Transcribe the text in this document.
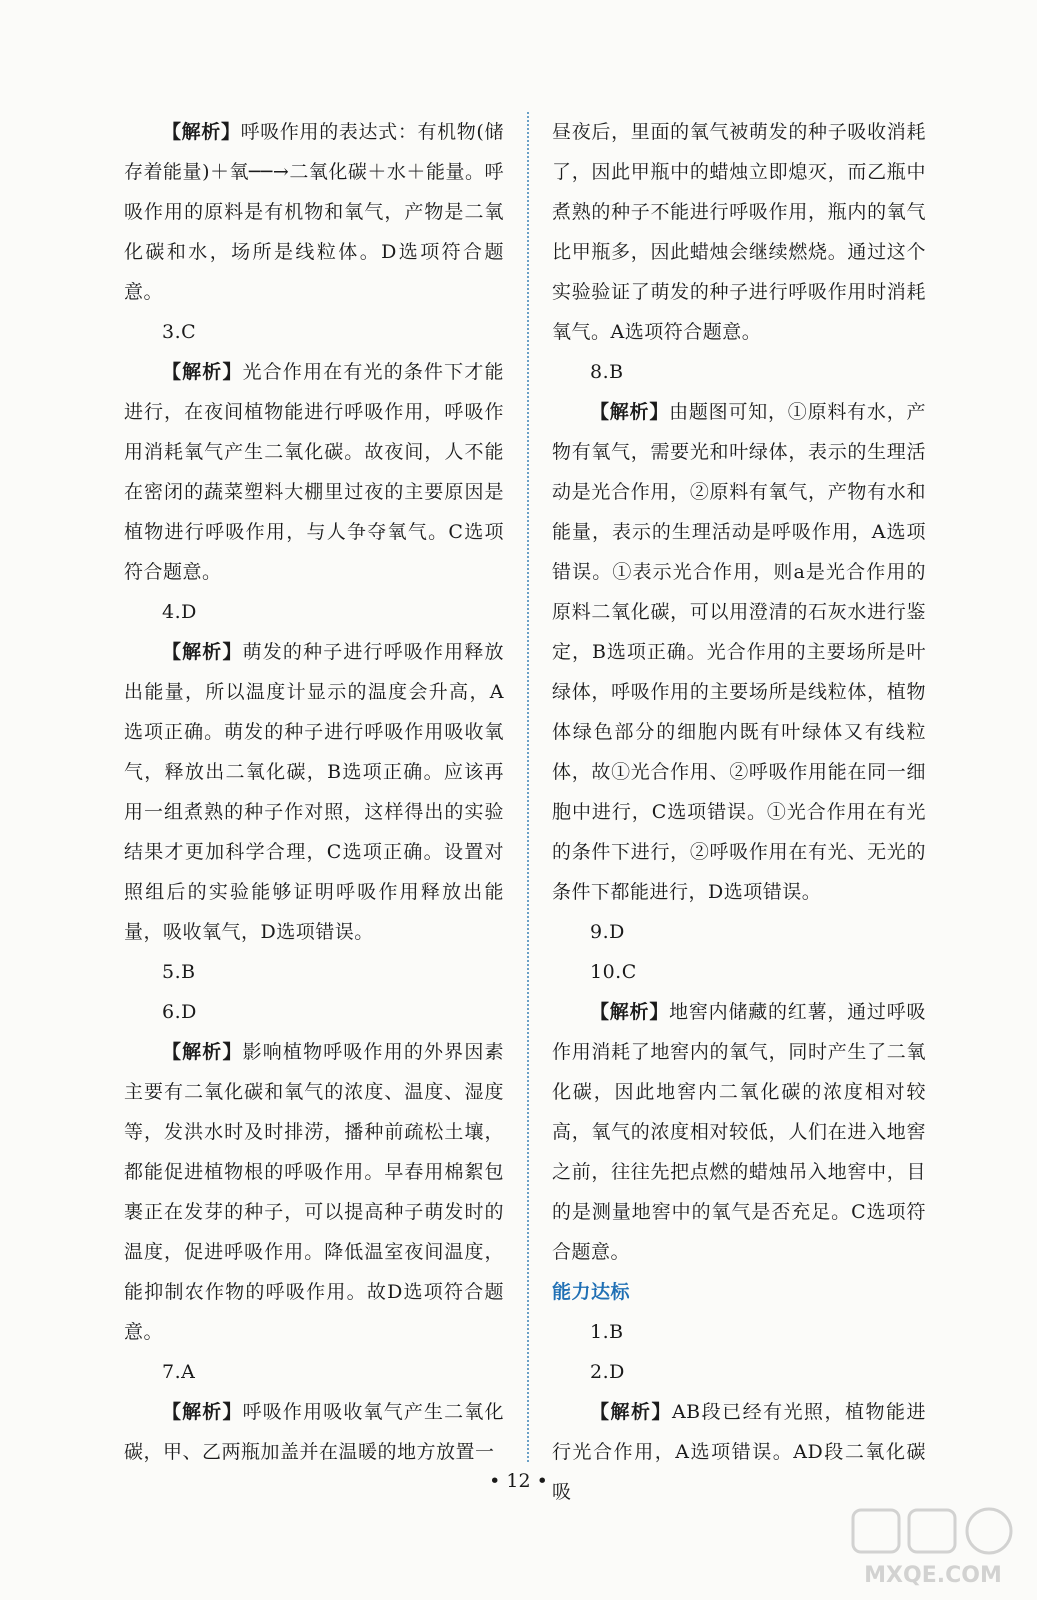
【解析】呼吸作用的表达式：有机物(储存着能量)＋氧──→二氧化碳＋水＋能量。呼吸作用的原料是有机物和氧气，产物是二氧化碳和水，场所是线粒体。D选项符合题意。
3.C
【解析】光合作用在有光的条件下才能进行，在夜间植物能进行呼吸作用，呼吸作用消耗氧气产生二氧化碳。故夜间，人不能在密闭的蔬菜塑料大棚里过夜的主要原因是植物进行呼吸作用，与人争夺氧气。C选项符合题意。
4.D
【解析】萌发的种子进行呼吸作用释放出能量，所以温度计显示的温度会升高，A选项正确。萌发的种子进行呼吸作用吸收氧气，释放出二氧化碳，B选项正确。应该再用一组煮熟的种子作对照，这样得出的实验结果才更加科学合理，C选项正确。设置对照组后的实验能够证明呼吸作用释放出能量，吸收氧气，D选项错误。
5.B
6.D
【解析】影响植物呼吸作用的外界因素主要有二氧化碳和氧气的浓度、温度、湿度等，发洪水时及时排涝，播种前疏松土壤，都能促进植物根的呼吸作用。早春用棉絮包裹正在发芽的种子，可以提高种子萌发时的温度，促进呼吸作用。降低温室夜间温度，能抑制农作物的呼吸作用。故D选项符合题意。
7.A
【解析】呼吸作用吸收氧气产生二氧化碳，甲、乙两瓶加盖并在温暖的地方放置一
昼夜后，里面的氧气被萌发的种子吸收消耗了，因此甲瓶中的蜡烛立即熄灭，而乙瓶中煮熟的种子不能进行呼吸作用，瓶内的氧气比甲瓶多，因此蜡烛会继续燃烧。通过这个实验验证了萌发的种子进行呼吸作用时消耗氧气。A选项符合题意。
8.B
【解析】由题图可知，①原料有水，产物有氧气，需要光和叶绿体，表示的生理活动是光合作用，②原料有氧气，产物有水和能量，表示的生理活动是呼吸作用，A选项错误。①表示光合作用，则a是光合作用的原料二氧化碳，可以用澄清的石灰水进行鉴定，B选项正确。光合作用的主要场所是叶绿体，呼吸作用的主要场所是线粒体，植物体绿色部分的细胞内既有叶绿体又有线粒体，故①光合作用、②呼吸作用能在同一细胞中进行，C选项错误。①光合作用在有光的条件下进行，②呼吸作用在有光、无光的条件下都能进行，D选项错误。
9.D
10.C
【解析】地窖内储藏的红薯，通过呼吸作用消耗了地窖内的氧气，同时产生了二氧化碳，因此地窖内二氧化碳的浓度相对较高，氧气的浓度相对较低，人们在进入地窖之前，往往先把点燃的蜡烛吊入地窖中，目的是测量地窖中的氧气是否充足。C选项符合题意。
能力达标
1.B
2.D
【解析】AB段已经有光照，植物能进行光合作用，A选项错误。AD段二氧化碳吸
• 12 •
MXQE.COM
